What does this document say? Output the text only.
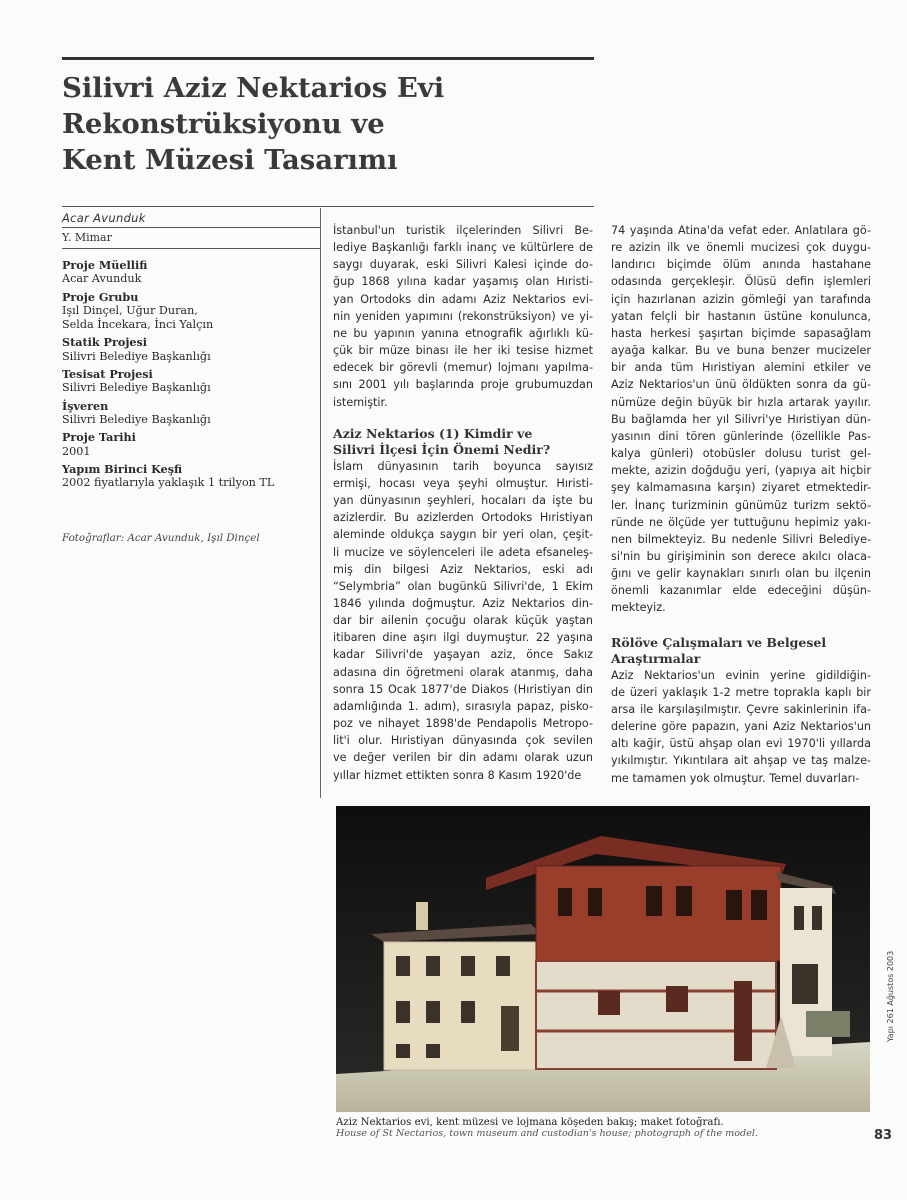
Silivri Aziz Nektarios Evi
Rekonstrüksiyonu ve
Kent Müzesi Tasarımı
Acar Avunduk
Y. Mimar
Proje Müellifi
Acar Avunduk
Proje Grubu
Işıl Dinçel, Uğur Duran,
Selda İncekara, İnci Yalçın
Statik Projesi
Silivri Belediye Başkanlığı
Tesisat Projesi
Silivri Belediye Başkanlığı
İşveren
Silivri Belediye Başkanlığı
Proje Tarihi
2001
Yapım Birinci Keşfi
2002 fiyatlarıyla yaklaşık 1 trilyon TL
Fotoğraflar: Acar Avunduk, Işıl Dinçel
İstanbul'un turistik ilçelerinden Silivri Be-
lediye Başkanlığı farklı inanç ve kültürlere de
saygı duyarak, eski Silivri Kalesi içinde do-
ğup 1868 yılına kadar yaşamış olan Hıristi-
yan Ortodoks din adamı Aziz Nektarios evi-
nin yeniden yapımını (rekonstrüksiyon) ve yi-
ne bu yapının yanına etnografik ağırlıklı kü-
çük bir müze binası ile her iki tesise hizmet
edecek bir görevli (memur) lojmanı yapılma-
sını 2001 yılı başlarında proje grubumuzdan
istemiştir.
Aziz Nektarios (1) Kimdir ve
Silivri İlçesi İçin Önemi Nedir?
İslam dünyasının tarih boyunca sayısız
ermişi, hocası veya şeyhi olmuştur. Hıristi-
yan dünyasının şeyhleri, hocaları da işte bu
azizlerdir. Bu azizlerden Ortodoks Hıristiyan
aleminde oldukça saygın bir yeri olan, çeşit-
li mucize ve söylenceleri ile adeta efsaneleş-
miş din bilgesi Aziz Nektarios, eski adı
“Selymbria” olan bugünkü Silivri'de, 1 Ekim
1846 yılında doğmuştur. Aziz Nektarios din-
dar bir ailenin çocuğu olarak küçük yaştan
itibaren dine aşırı ilgi duymuştur. 22 yaşına
kadar Silivri'de yaşayan aziz, önce Sakız
adasına din öğretmeni olarak atanmış, daha
sonra 15 Ocak 1877'de Diakos (Hıristiyan din
adamlığında 1. adım), sırasıyla papaz, pisko-
poz ve nihayet 1898'de Pendapolis Metropo-
lit'i olur. Hıristiyan dünyasında çok sevilen
ve değer verilen bir din adamı olarak uzun
yıllar hizmet ettikten sonra 8 Kasım 1920'de
74 yaşında Atina'da vefat eder. Anlatılara gö-
re azizin ilk ve önemli mucizesi çok duygu-
landırıcı biçimde ölüm anında hastahane
odasında gerçekleşir. Ölüsü defin işlemleri
için hazırlanan azizin gömleği yan tarafında
yatan felçli bir hastanın üstüne konulunca,
hasta herkesi şaşırtan biçimde sapasağlam
ayağa kalkar. Bu ve buna benzer mucizeler
bir anda tüm Hıristiyan alemini etkiler ve
Aziz Nektarios'un ünü öldükten sonra da gü-
nümüze değin büyük bir hızla artarak yayılır.
Bu bağlamda her yıl Silivri'ye Hıristiyan dün-
yasının dini tören günlerinde (özellikle Pas-
kalya günleri) otobüsler dolusu turist gel-
mekte, azizin doğduğu yeri, (yapıya ait hiçbir
şey kalmamasına karşın) ziyaret etmektedir-
ler. İnanç turizminin günümüz turizm sektö-
ründe ne ölçüde yer tuttuğunu hepimiz yakı-
nen bilmekteyiz. Bu nedenle Silivri Belediye-
si'nin bu girişiminin son derece akılcı olaca-
ğını ve gelir kaynakları sınırlı olan bu ilçenin
önemli kazanımlar elde edeceğini düşün-
mekteyiz.
Rölöve Çalışmaları ve Belgesel
Araştırmalar
Aziz Nektarios'un evinin yerine gidildiğin-
de üzeri yaklaşık 1-2 metre toprakla kaplı bir
arsa ile karşılaşılmıştır. Çevre sakinlerinin ifa-
delerine göre papazın, yani Aziz Nektarios'un
altı kağir, üstü ahşap olan evi 1970'li yıllarda
yıkılmıştır. Yıkıntılara ait ahşap ve taş malze-
me tamamen yok olmuştur. Temel duvarları-
Aziz Nektarios evi, kent müzesi ve lojmana köşeden bakış; maket fotoğrafı.
House of St Nectarios, town museum and custodian's house; photograph of the model.
Yapı 261 Ağustos 2003
83
